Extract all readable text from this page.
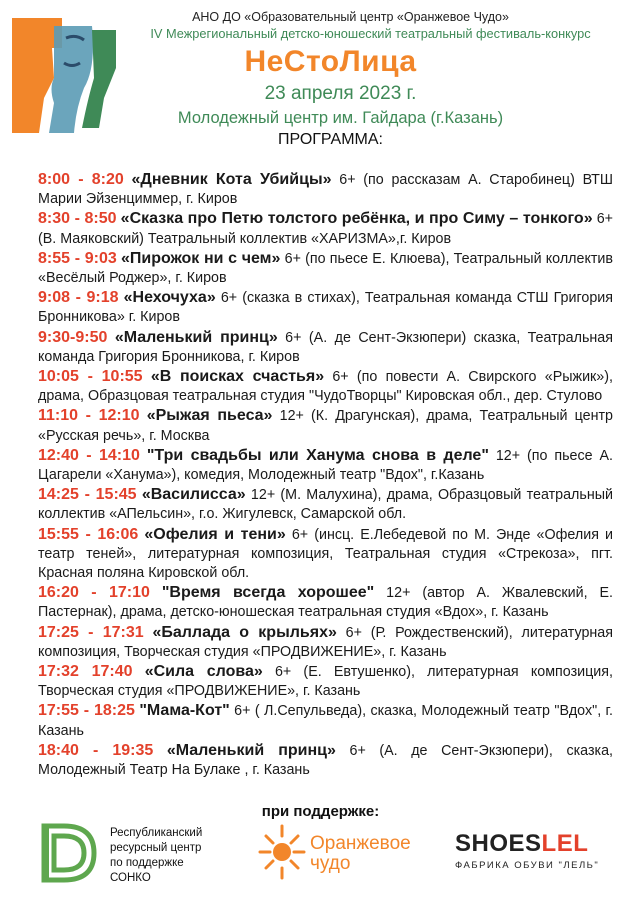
АНО ДО «Образовательный центр «Оранжевое Чудо»
IV Межрегиональный детско-юношеский театральный фестиваль-конкурс
НеСтоЛица
23 апреля 2023 г.
Молодежный центр им. Гайдара (г.Казань)
ПРОГРАММА:

8:00 - 8:20 «Дневник Кота Убийцы» 6+ (по рассказам А. Старобинец) ВТШ Марии Эйзенциммер, г. Киров

8:30 - 8:50 «Сказка про Петю толстого ребёнка, и про Симу – тонкого» 6+ (В. Маяковский) Театральный коллектив «ХАРИЗМА»,г. Киров

8:55 - 9:03 «Пирожок ни с чем» 6+ (по пьесе Е. Клюева), Театральный коллектив «Весёлый Роджер», г. Киров

9:08 - 9:18 «Нехочуха» 6+ (сказка в стихах), Театральная команда СТШ Григория Бронникова» г. Киров

9:30-9:50 «Маленький принц» 6+ (А. де Сент-Экзюпери) сказка, Театральная команда Григория Бронникова, г. Киров

10:05 - 10:55 «В поисках счастья» 6+ (по повести А. Свирского «Рыжик»), драма, Образцовая театральная студия "ЧудоТворцы" Кировская обл., дер. Стулово

11:10 - 12:10 «Рыжая пьеса» 12+ (К. Драгунская), драма, Театральный центр «Русская речь», г. Москва

12:40 - 14:10 "Три свадьбы или Ханума снова в деле" 12+ (по пьесе А. Цагарели «Ханума»), комедия, Молодежный театр "Вдох", г.Казань

14:25 - 15:45 «Василисса» 12+ (М. Малухина), драма, Образцовый театральный коллектив «АПельсин», г.о. Жигулевск, Самарской обл.

15:55 - 16:06 «Офелия и тени» 6+ (инсц. Е.Лебедевой по М. Энде «Офелия и театр теней», литературная композиция, Театральная студия «Стрекоза», пгт. Красная поляна Кировской обл.

16:20 - 17:10 "Время всегда хорошее" 12+ (автор А. Жвалевский, Е. Пастернак), драма, детско-юношеская театральная студия «Вдох», г. Казань

17:25 - 17:31 «Баллада о крыльях» 6+ (Р. Рождественский), литературная композиция, Творческая студия «ПРОДВИЖЕНИЕ», г. Казань

17:32 17:40 «Сила слова» 6+ (Е. Евтушенко), литературная композиция, Творческая студия «ПРОДВИЖЕНИЕ», г. Казань

17:55 - 18:25 "Мама-Кот" 6+ ( Л.Сепульведа), сказка, Молодежный театр "Вдох", г. Казань

18:40 - 19:35 «Маленький принц» 6+ (А. де Сент-Экзюпери), сказка, Молодежный Театр На Булаке , г. Казань

при поддержке:
Республиканский
ресурсный центр
по поддержке
СОНКО
Оранжевое
чудо
SHOESLEL
ФАБРИКА ОБУВИ "ЛЕЛЬ"
